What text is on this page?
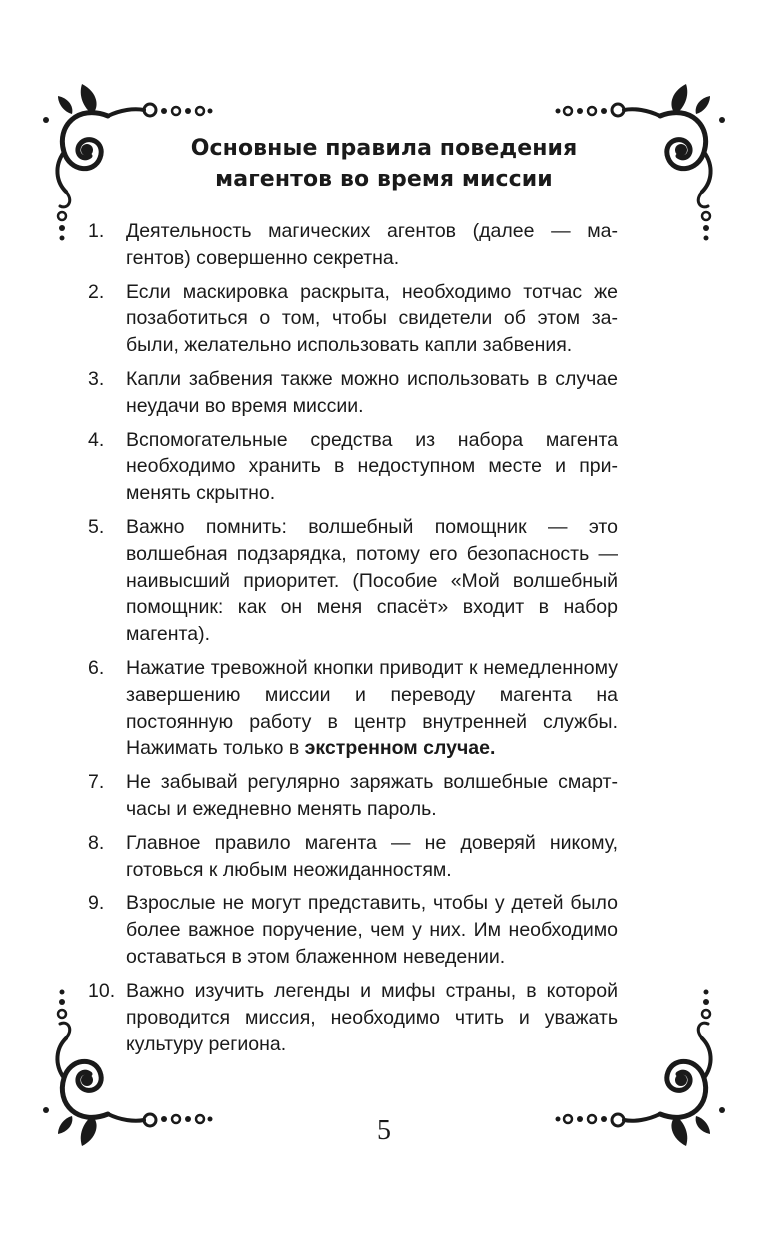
Основные правила поведения
магентов во время миссии
1.	Деятельность магических агентов (далее — магентов) совершенно секретна.
2.	Если маскировка раскрыта, необходимо тотчас же позаботиться о том, чтобы свидетели об этом забыли, желательно использовать капли забвения.
3.	Капли забвения также можно использовать в случае неудачи во время миссии.
4.	Вспомогательные средства из набора магента необходимо хранить в недоступном месте и применять скрытно.
5.	Важно помнить: волшебный помощник — это волшебная подзарядка, потому его безопасность — наивысший приоритет. (Пособие «Мой волшебный помощник: как он меня спасёт» входит в набор магента).
6.	Нажатие тревожной кнопки приводит к немедленному завершению миссии и переводу магента на постоянную работу в центр внутренней службы. Нажимать только в экстренном случае.
7.	Не забывай регулярно заряжать волшебные смарт-часы и ежедневно менять пароль.
8.	Главное правило магента — не доверяй никому, готовься к любым неожиданностям.
9.	Взрослые не могут представить, чтобы у детей было более важное поручение, чем у них. Им необходимо оставаться в этом блаженном неведении.
10. Важно изучить легенды и мифы страны, в которой проводится миссия, необходимо чтить и уважать культуру региона.
5
